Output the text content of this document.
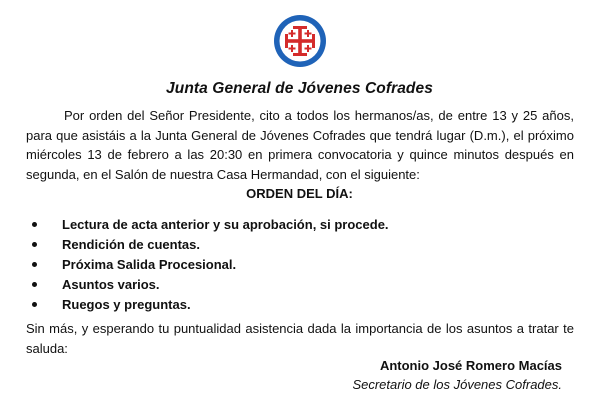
Junta General de Jóvenes Cofrades

Por orden del Señor Presidente, cito a todos los hermanos/as, de entre 13 y 25 años, para que asistáis a la Junta General de Jóvenes Cofrades que tendrá lugar (D.m.), el próximo miércoles 13 de febrero a las 20:30 en primera convocatoria y quince minutos después en segunda, en el Salón de nuestra Casa Hermandad, con el siguiente:

ORDEN DEL DÍA:
Lectura de acta anterior y su aprobación, si procede.
Rendición de cuentas.
Próxima Salida Procesional.
Asuntos varios.
Ruegos y preguntas.

Sin más, y esperando tu puntualidad asistencia dada la importancia de los asuntos a tratar te saluda:

Antonio José Romero Macías
Secretario de los Jóvenes Cofrades.
